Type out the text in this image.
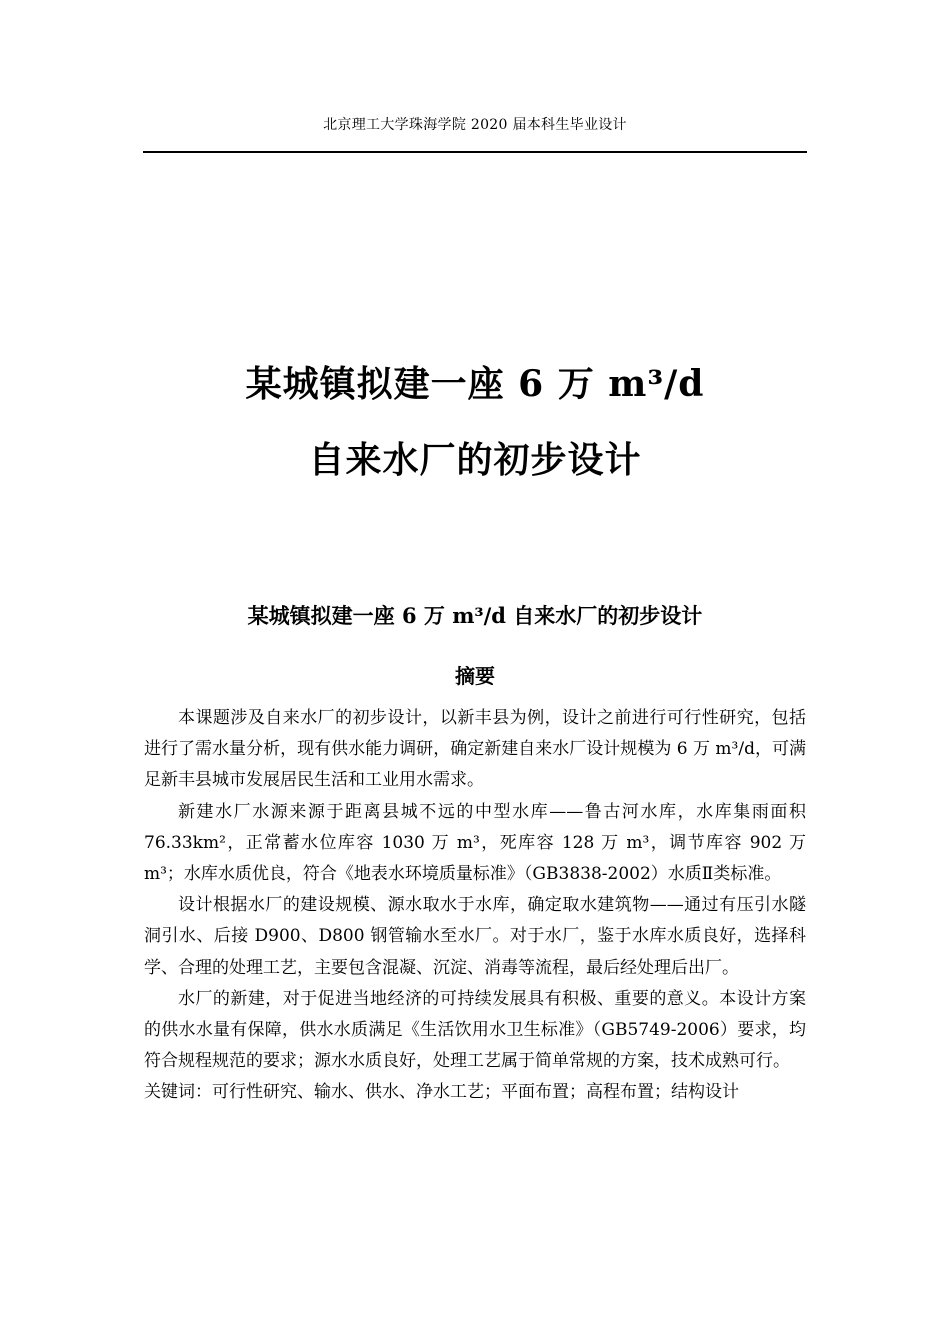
北京理工大学珠海学院 2020 届本科生毕业设计
某城镇拟建一座 6 万 m³/d
自来水厂的初步设计
某城镇拟建一座 6 万 m³/d 自来水厂的初步设计
摘要

本课题涉及自来水厂的初步设计，以新丰县为例，设计之前进行可行性研究，包括进行了需水量分析，现有供水能力调研，确定新建自来水厂设计规模为 6 万 m³/d，可满足新丰县城市发展居民生活和工业用水需求。

新建水厂水源来源于距离县城不远的中型水库——鲁古河水库，水库集雨面积 76.33km²，正常蓄水位库容 1030 万 m³，死库容 128 万 m³，调节库容 902 万 m³；水库水质优良，符合《地表水环境质量标准》（GB3838-2002）水质Ⅱ类标准。

设计根据水厂的建设规模、源水取水于水库，确定取水建筑物——通过有压引水隧洞引水、后接 D900、D800 钢管输水至水厂。对于水厂，鉴于水库水质良好，选择科学、合理的处理工艺，主要包含混凝、沉淀、消毒等流程，最后经处理后出厂。

水厂的新建，对于促进当地经济的可持续发展具有积极、重要的意义。本设计方案的供水水量有保障，供水水质满足《生活饮用水卫生标准》（GB5749-2006）要求，均符合规程规范的要求；源水水质良好，处理工艺属于简单常规的方案，技术成熟可行。

关键词：可行性研究、输水、供水、净水工艺；平面布置；高程布置；结构设计
